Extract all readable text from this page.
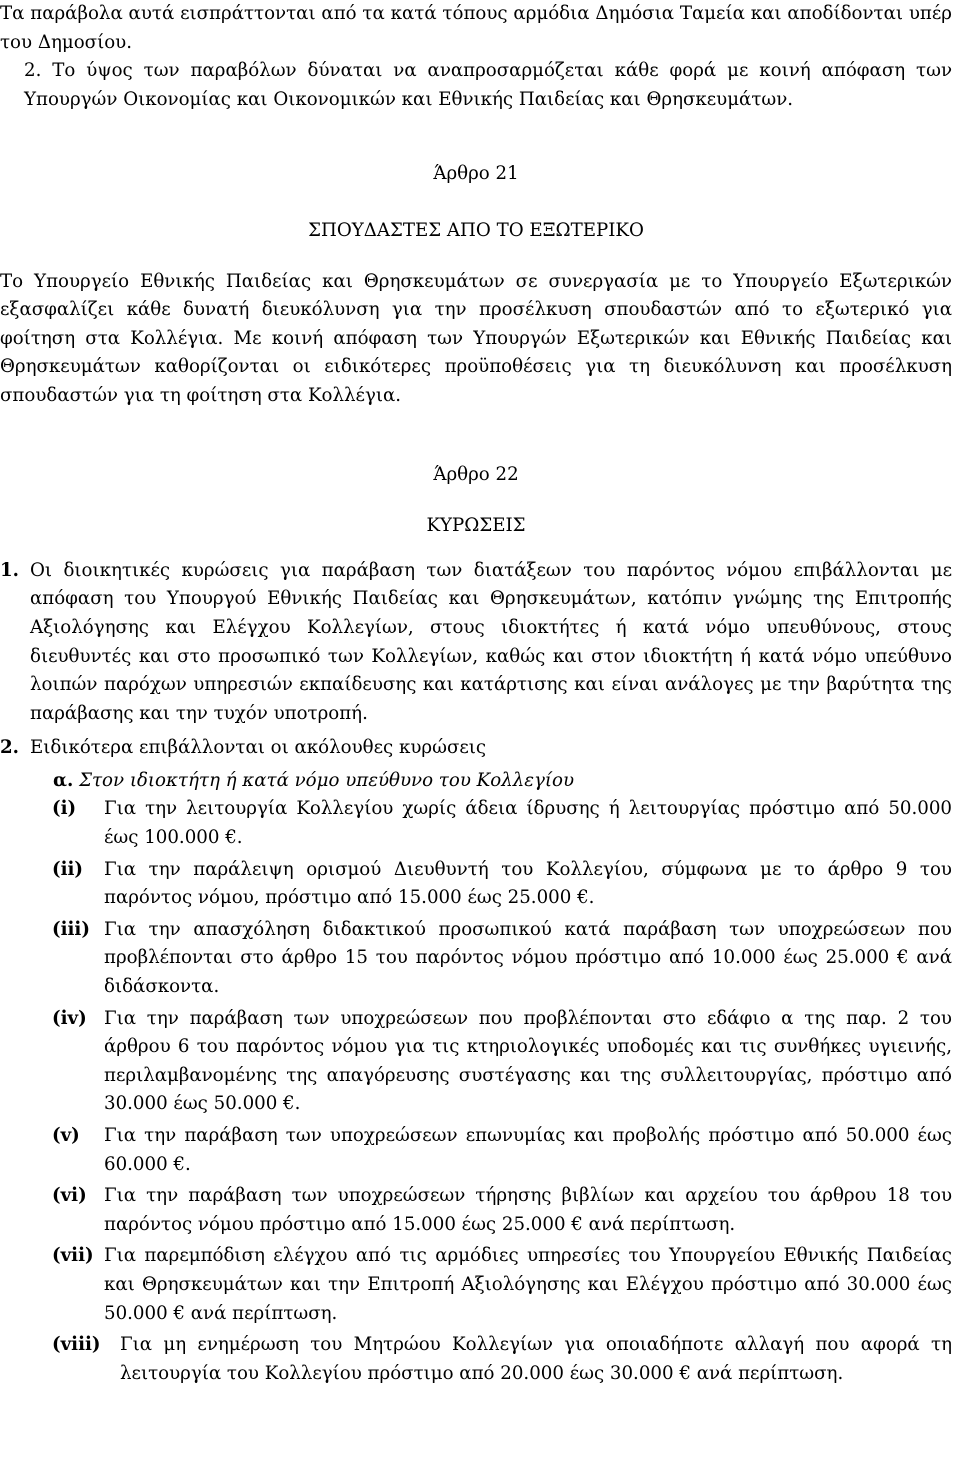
Τα παράβολα αυτά εισπράττονται από τα κατά τόπους αρμόδια Δημόσια Ταμεία και αποδίδονται υπέρ του Δημοσίου.

2. Το ύψος των παραβόλων δύναται να αναπροσαρμόζεται κάθε φορά με κοινή απόφαση των Υπουργών Οικονομίας και Οικονομικών και Εθνικής Παιδείας και Θρησκευμάτων.

Άρθρο 21

ΣΠΟΥΔΑΣΤΕΣ ΑΠΟ ΤΟ ΕΞΩΤΕΡΙΚΟ

Το Υπουργείο Εθνικής Παιδείας και Θρησκευμάτων σε συνεργασία με το Υπουργείο Εξωτερικών εξασφαλίζει κάθε δυνατή διευκόλυνση για την προσέλκυση σπουδαστών από το εξωτερικό για φοίτηση στα Κολλέγια. Με κοινή απόφαση των Υπουργών Εξωτερικών και Εθνικής Παιδείας και Θρησκευμάτων καθορίζονται οι ειδικότερες προϋποθέσεις για τη διευκόλυνση και προσέλκυση σπουδαστών για τη φοίτηση στα Κολλέγια.

Άρθρο 22

ΚΥΡΩΣΕΙΣ

1. Οι διοικητικές κυρώσεις για παράβαση των διατάξεων του παρόντος νόμου επιβάλλονται με απόφαση του Υπουργού Εθνικής Παιδείας και Θρησκευμάτων, κατόπιν γνώμης της Επιτροπής Αξιολόγησης και Ελέγχου Κολλεγίων, στους ιδιοκτήτες ή κατά νόμο υπευθύνους, στους διευθυντές και στο προσωπικό των Κολλεγίων, καθώς και στον ιδιοκτήτη ή κατά νόμο υπεύθυνο λοιπών παρόχων υπηρεσιών εκπαίδευσης και κατάρτισης και είναι ανάλογες με την βαρύτητα της παράβασης και την τυχόν υποτροπή.

2. Ειδικότερα επιβάλλονται οι ακόλουθες κυρώσεις

α. Στον ιδιοκτήτη ή κατά νόμο υπεύθυνο του Κολλεγίου
(i)	Για την λειτουργία Κολλεγίου χωρίς άδεια ίδρυσης ή λειτουργίας πρόστιμο από 50.000 έως 100.000 €.

(ii)	Για την παράλειψη ορισμού Διευθυντή του Κολλεγίου, σύμφωνα με το άρθρο 9 του παρόντος νόμου, πρόστιμο από 15.000 έως 25.000 €.

(iii) Για την απασχόληση διδακτικού προσωπικού κατά παράβαση των υποχρεώσεων που προβλέπονται στο άρθρο 15 του παρόντος νόμου πρόστιμο από 10.000 έως 25.000 € ανά διδάσκοντα.

(iv) Για την παράβαση των υποχρεώσεων που προβλέπονται στο εδάφιο α της παρ. 2 του άρθρου 6 του παρόντος νόμου για τις κτηριολογικές υποδομές και τις συνθήκες υγιεινής, περιλαμβανομένης της απαγόρευσης συστέγασης και της συλλειτουργίας, πρόστιμο από 30.000 έως 50.000 €.

(v)	Για την παράβαση των υποχρεώσεων επωνυμίας και προβολής πρόστιμο από 50.000 έως 60.000 €.

(vi) Για την παράβαση των υποχρεώσεων τήρησης βιβλίων και αρχείου του άρθρου 18 του παρόντος νόμου πρόστιμο από 15.000 έως 25.000 € ανά περίπτωση.

(vii) Για παρεμπόδιση ελέγχου από τις αρμόδιες υπηρεσίες του Υπουργείου Εθνικής Παιδείας και Θρησκευμάτων και την Επιτροπή Αξιολόγησης και Ελέγχου πρόστιμο από 30.000 έως 50.000 € ανά περίπτωση.

(viii)	Για μη ενημέρωση του Μητρώου Κολλεγίων για οποιαδήποτε αλλαγή που αφορά τη λειτουργία του Κολλεγίου πρόστιμο από 20.000 έως 30.000 € ανά περίπτωση.
